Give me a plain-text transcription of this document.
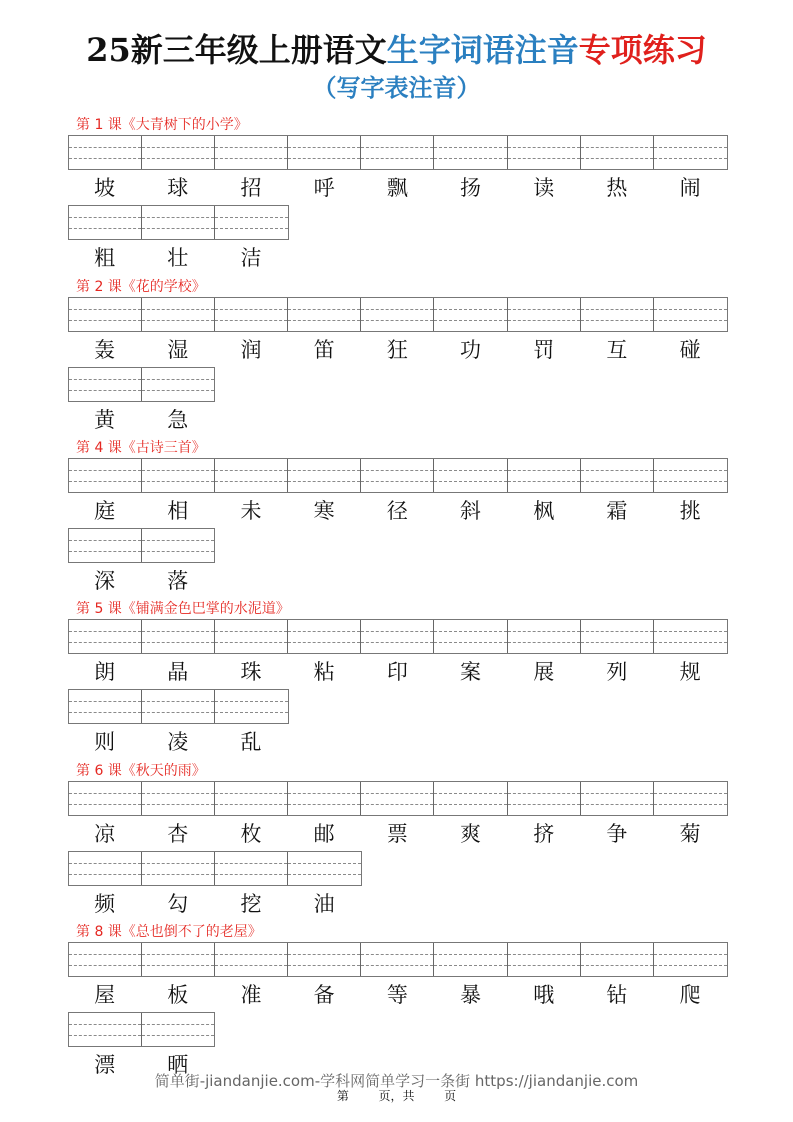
25新三年级上册语文生字词语注音专项练习
（写字表注音）
第 1 课《大青树下的小学》
坡	球	招	呼	飘	扬	读	热	闹
粗	壮	洁
第 2 课《花的学校》
轰	湿	润	笛	狂	功	罚	互	碰
黄	急
第 4 课《古诗三首》
庭	相	未	寒	径	斜	枫	霜	挑
深	落
第 5 课《铺满金色巴掌的水泥道》
朗	晶	珠	粘	印	案	展	列	规
则	凌	乱
第 6 课《秋天的雨》
凉	杏	枚	邮	票	爽	挤	争	菊
频	勾	挖	油
第 8 课《总也倒不了的老屋》
屋	板	准	备	等	暴	哦	钻	爬
漂	晒
简单街-jiandanjie.com-学科网简单学习一条街 https://jiandanjie.com
第 页，共 页
